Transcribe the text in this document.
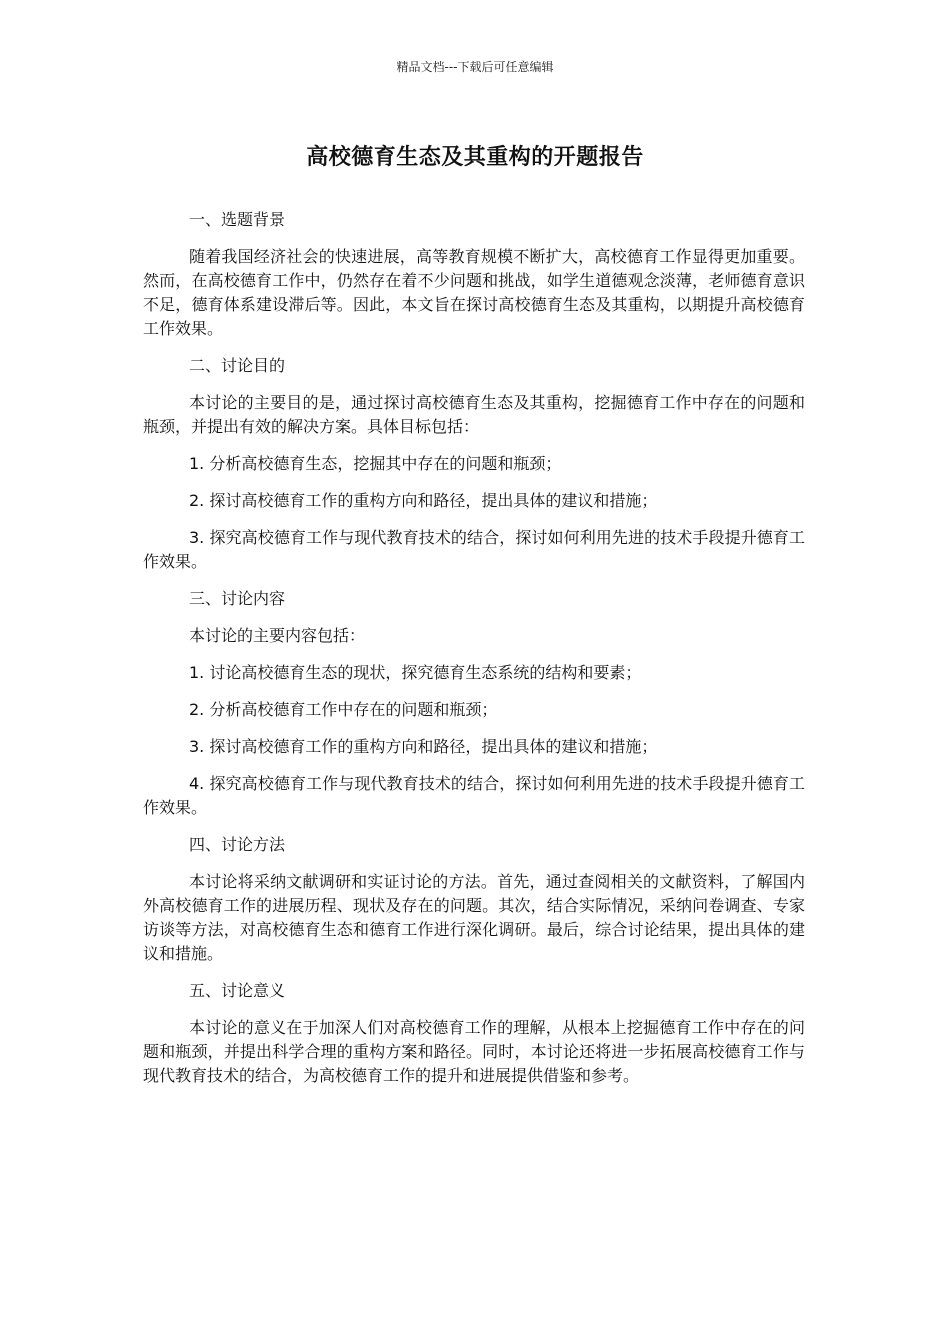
精品文档---下载后可任意编辑
高校德育生态及其重构的开题报告

一、选题背景

随着我国经济社会的快速进展，高等教育规模不断扩大，高校德育工作显得更加重要。然而，在高校德育工作中，仍然存在着不少问题和挑战，如学生道德观念淡薄，老师德育意识不足，德育体系建设滞后等。因此，本文旨在探讨高校德育生态及其重构，以期提升高校德育工作效果。

二、讨论目的

本讨论的主要目的是，通过探讨高校德育生态及其重构，挖掘德育工作中存在的问题和瓶颈，并提出有效的解决方案。具体目标包括：

1. 分析高校德育生态，挖掘其中存在的问题和瓶颈；

2. 探讨高校德育工作的重构方向和路径，提出具体的建议和措施；

3. 探究高校德育工作与现代教育技术的结合，探讨如何利用先进的技术手段提升德育工作效果。

三、讨论内容

本讨论的主要内容包括：

1. 讨论高校德育生态的现状，探究德育生态系统的结构和要素；

2. 分析高校德育工作中存在的问题和瓶颈；

3. 探讨高校德育工作的重构方向和路径，提出具体的建议和措施；

4. 探究高校德育工作与现代教育技术的结合，探讨如何利用先进的技术手段提升德育工作效果。

四、讨论方法

本讨论将采纳文献调研和实证讨论的方法。首先，通过查阅相关的文献资料，了解国内外高校德育工作的进展历程、现状及存在的问题。其次，结合实际情况，采纳问卷调查、专家访谈等方法，对高校德育生态和德育工作进行深化调研。最后，综合讨论结果，提出具体的建议和措施。

五、讨论意义

本讨论的意义在于加深人们对高校德育工作的理解，从根本上挖掘德育工作中存在的问题和瓶颈，并提出科学合理的重构方案和路径。同时，本讨论还将进一步拓展高校德育工作与现代教育技术的结合，为高校德育工作的提升和进展提供借鉴和参考。
